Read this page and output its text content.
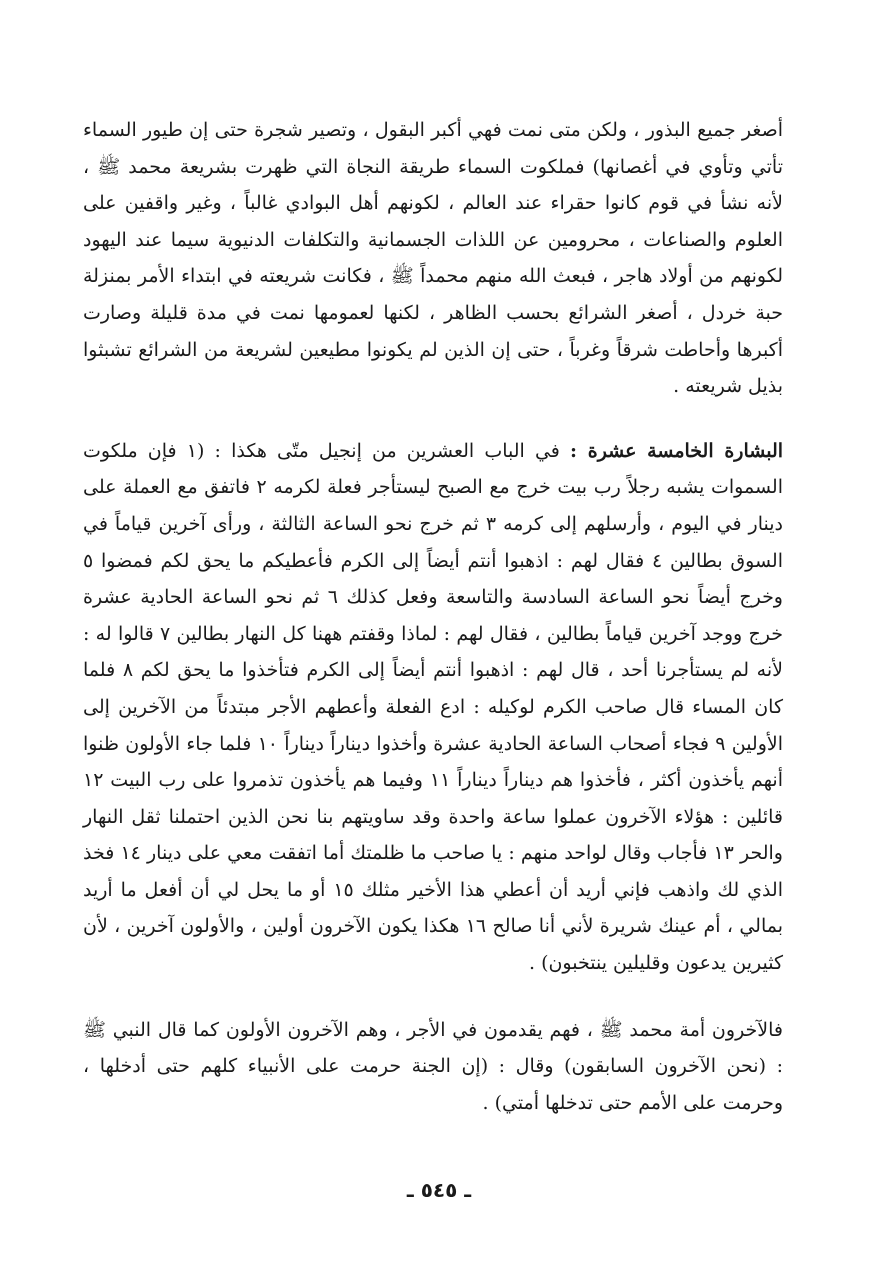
أصغر جميع البذور ، ولكن متى نمت فهي أكبر البقول ، وتصير شجرة حتى إن طيور السماء تأتي وتأوي في أغصانها) فملكوت السماء طريقة النجاة التي ظهرت بشريعة محمد ﷺ ، لأنه نشأ في قوم كانوا حقراء عند العالم ، لكونهم أهل البوادي غالباً ، وغير واقفين على العلوم والصناعات ، محرومين عن اللذات الجسمانية والتكلفات الدنيوية سيما عند اليهود لكونهم من أولاد هاجر ، فبعث الله منهم محمداً ﷺ ، فكانت شريعته في ابتداء الأمر بمنزلة حبة خردل ، أصغر الشرائع بحسب الظاهر ، لكنها لعمومها نمت في مدة قليلة وصارت أكبرها وأحاطت شرقاً وغرباً ، حتى إن الذين لم يكونوا مطيعين لشريعة من الشرائع تشبثوا بذيل شريعته .

البشارة الخامسة عشرة : في الباب العشرين من إنجيل متّى هكذا : (١ فإن ملكوت السموات يشبه رجلاً رب بيت خرج مع الصبح ليستأجر فعلة لكرمه ٢ فاتفق مع العملة على دينار في اليوم ، وأرسلهم إلى كرمه ٣ ثم خرج نحو الساعة الثالثة ، ورأى آخرين قياماً في السوق بطالين ٤ فقال لهم : اذهبوا أنتم أيضاً إلى الكرم فأعطيكم ما يحق لكم فمضوا ٥ وخرج أيضاً نحو الساعة السادسة والتاسعة وفعل كذلك ٦ ثم نحو الساعة الحادية عشرة خرج ووجد آخرين قياماً بطالين ، فقال لهم : لماذا وقفتم ههنا كل النهار بطالين ٧ قالوا له : لأنه لم يستأجرنا أحد ، قال لهم : اذهبوا أنتم أيضاً إلى الكرم فتأخذوا ما يحق لكم ٨ فلما كان المساء قال صاحب الكرم لوكيله : ادع الفعلة وأعطهم الأجر مبتدئاً من الآخرين إلى الأولين ٩ فجاء أصحاب الساعة الحادية عشرة وأخذوا ديناراً ديناراً ١٠ فلما جاء الأولون ظنوا أنهم يأخذون أكثر ، فأخذوا هم ديناراً ديناراً ١١ وفيما هم يأخذون تذمروا على رب البيت ١٢ قائلين : هؤلاء الآخرون عملوا ساعة واحدة وقد ساويتهم بنا نحن الذين احتملنا ثقل النهار والحر ١٣ فأجاب وقال لواحد منهم : يا صاحب ما ظلمتك أما اتفقت معي على دينار ١٤ فخذ الذي لك واذهب فإني أريد أن أعطي هذا الأخير مثلك ١٥ أو ما يحل لي أن أفعل ما أريد بمالي ، أم عينك شريرة لأني أنا صالح ١٦ هكذا يكون الآخرون أولين ، والأولون آخرين ، لأن كثيرين يدعون وقليلين ينتخبون) .

فالآخرون أمة محمد ﷺ ، فهم يقدمون في الأجر ، وهم الآخرون الأولون كما قال النبي ﷺ : (نحن الآخرون السابقون) وقال : (إن الجنة حرمت على الأنبياء كلهم حتى أدخلها ، وحرمت على الأمم حتى تدخلها أمتي) .

ـ ٥٤٥ ـ
